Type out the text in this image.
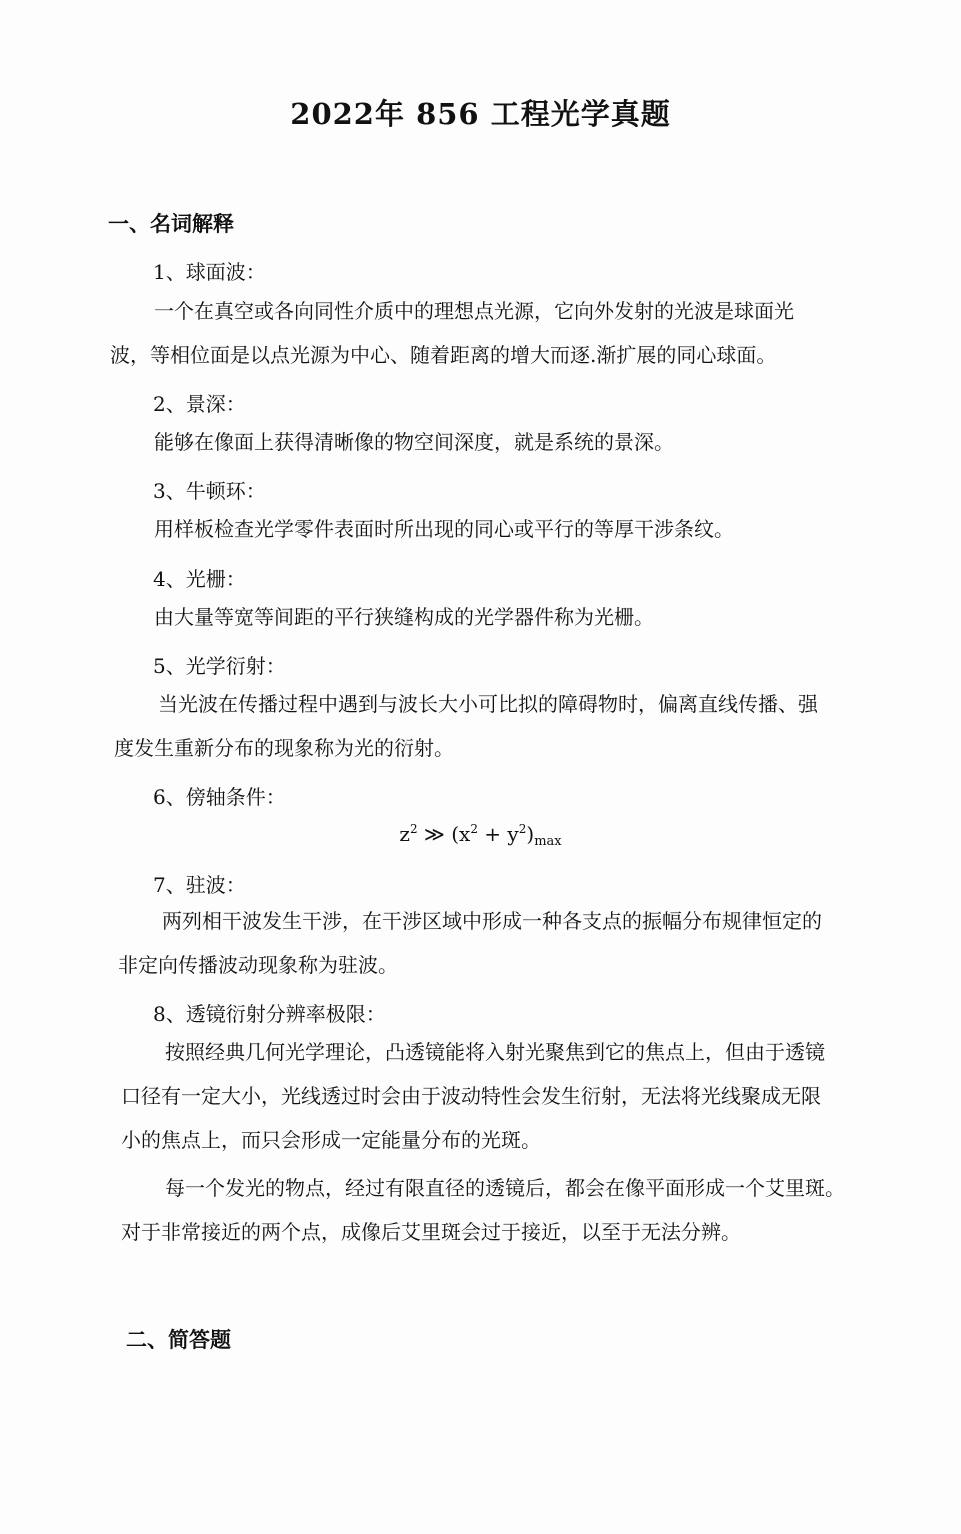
2022年 856 工程光学真题
一、名词解释
1、球面波：
一个在真空或各向同性介质中的理想点光源，它向外发射的光波是球面光
波，等相位面是以点光源为中心、随着距离的增大而逐.渐扩展的同心球面。
2、景深：
能够在像面上获得清晰像的物空间深度，就是系统的景深。
3、牛顿环：
用样板检查光学零件表面时所出现的同心或平行的等厚干涉条纹。
4、光栅：
由大量等宽等间距的平行狭缝构成的光学器件称为光栅。
5、光学衍射：
当光波在传播过程中遇到与波长大小可比拟的障碍物时，偏离直线传播、强
度发生重新分布的现象称为光的衍射。
6、傍轴条件：
$z^2$ ≫ $(x^2 + y^2)_{max}$
7、驻波：
两列相干波发生干涉，在干涉区域中形成一种各支点的振幅分布规律恒定的
非定向传播波动现象称为驻波。
8、透镜衍射分辨率极限：
按照经典几何光学理论，凸透镜能将入射光聚焦到它的焦点上，但由于透镜
口径有一定大小，光线透过时会由于波动特性会发生衍射，无法将光线聚成无限
小的焦点上，而只会形成一定能量分布的光斑。
每一个发光的物点，经过有限直径的透镜后，都会在像平面形成一个艾里斑。
对于非常接近的两个点，成像后艾里斑会过于接近，以至于无法分辨。
二、简答题
